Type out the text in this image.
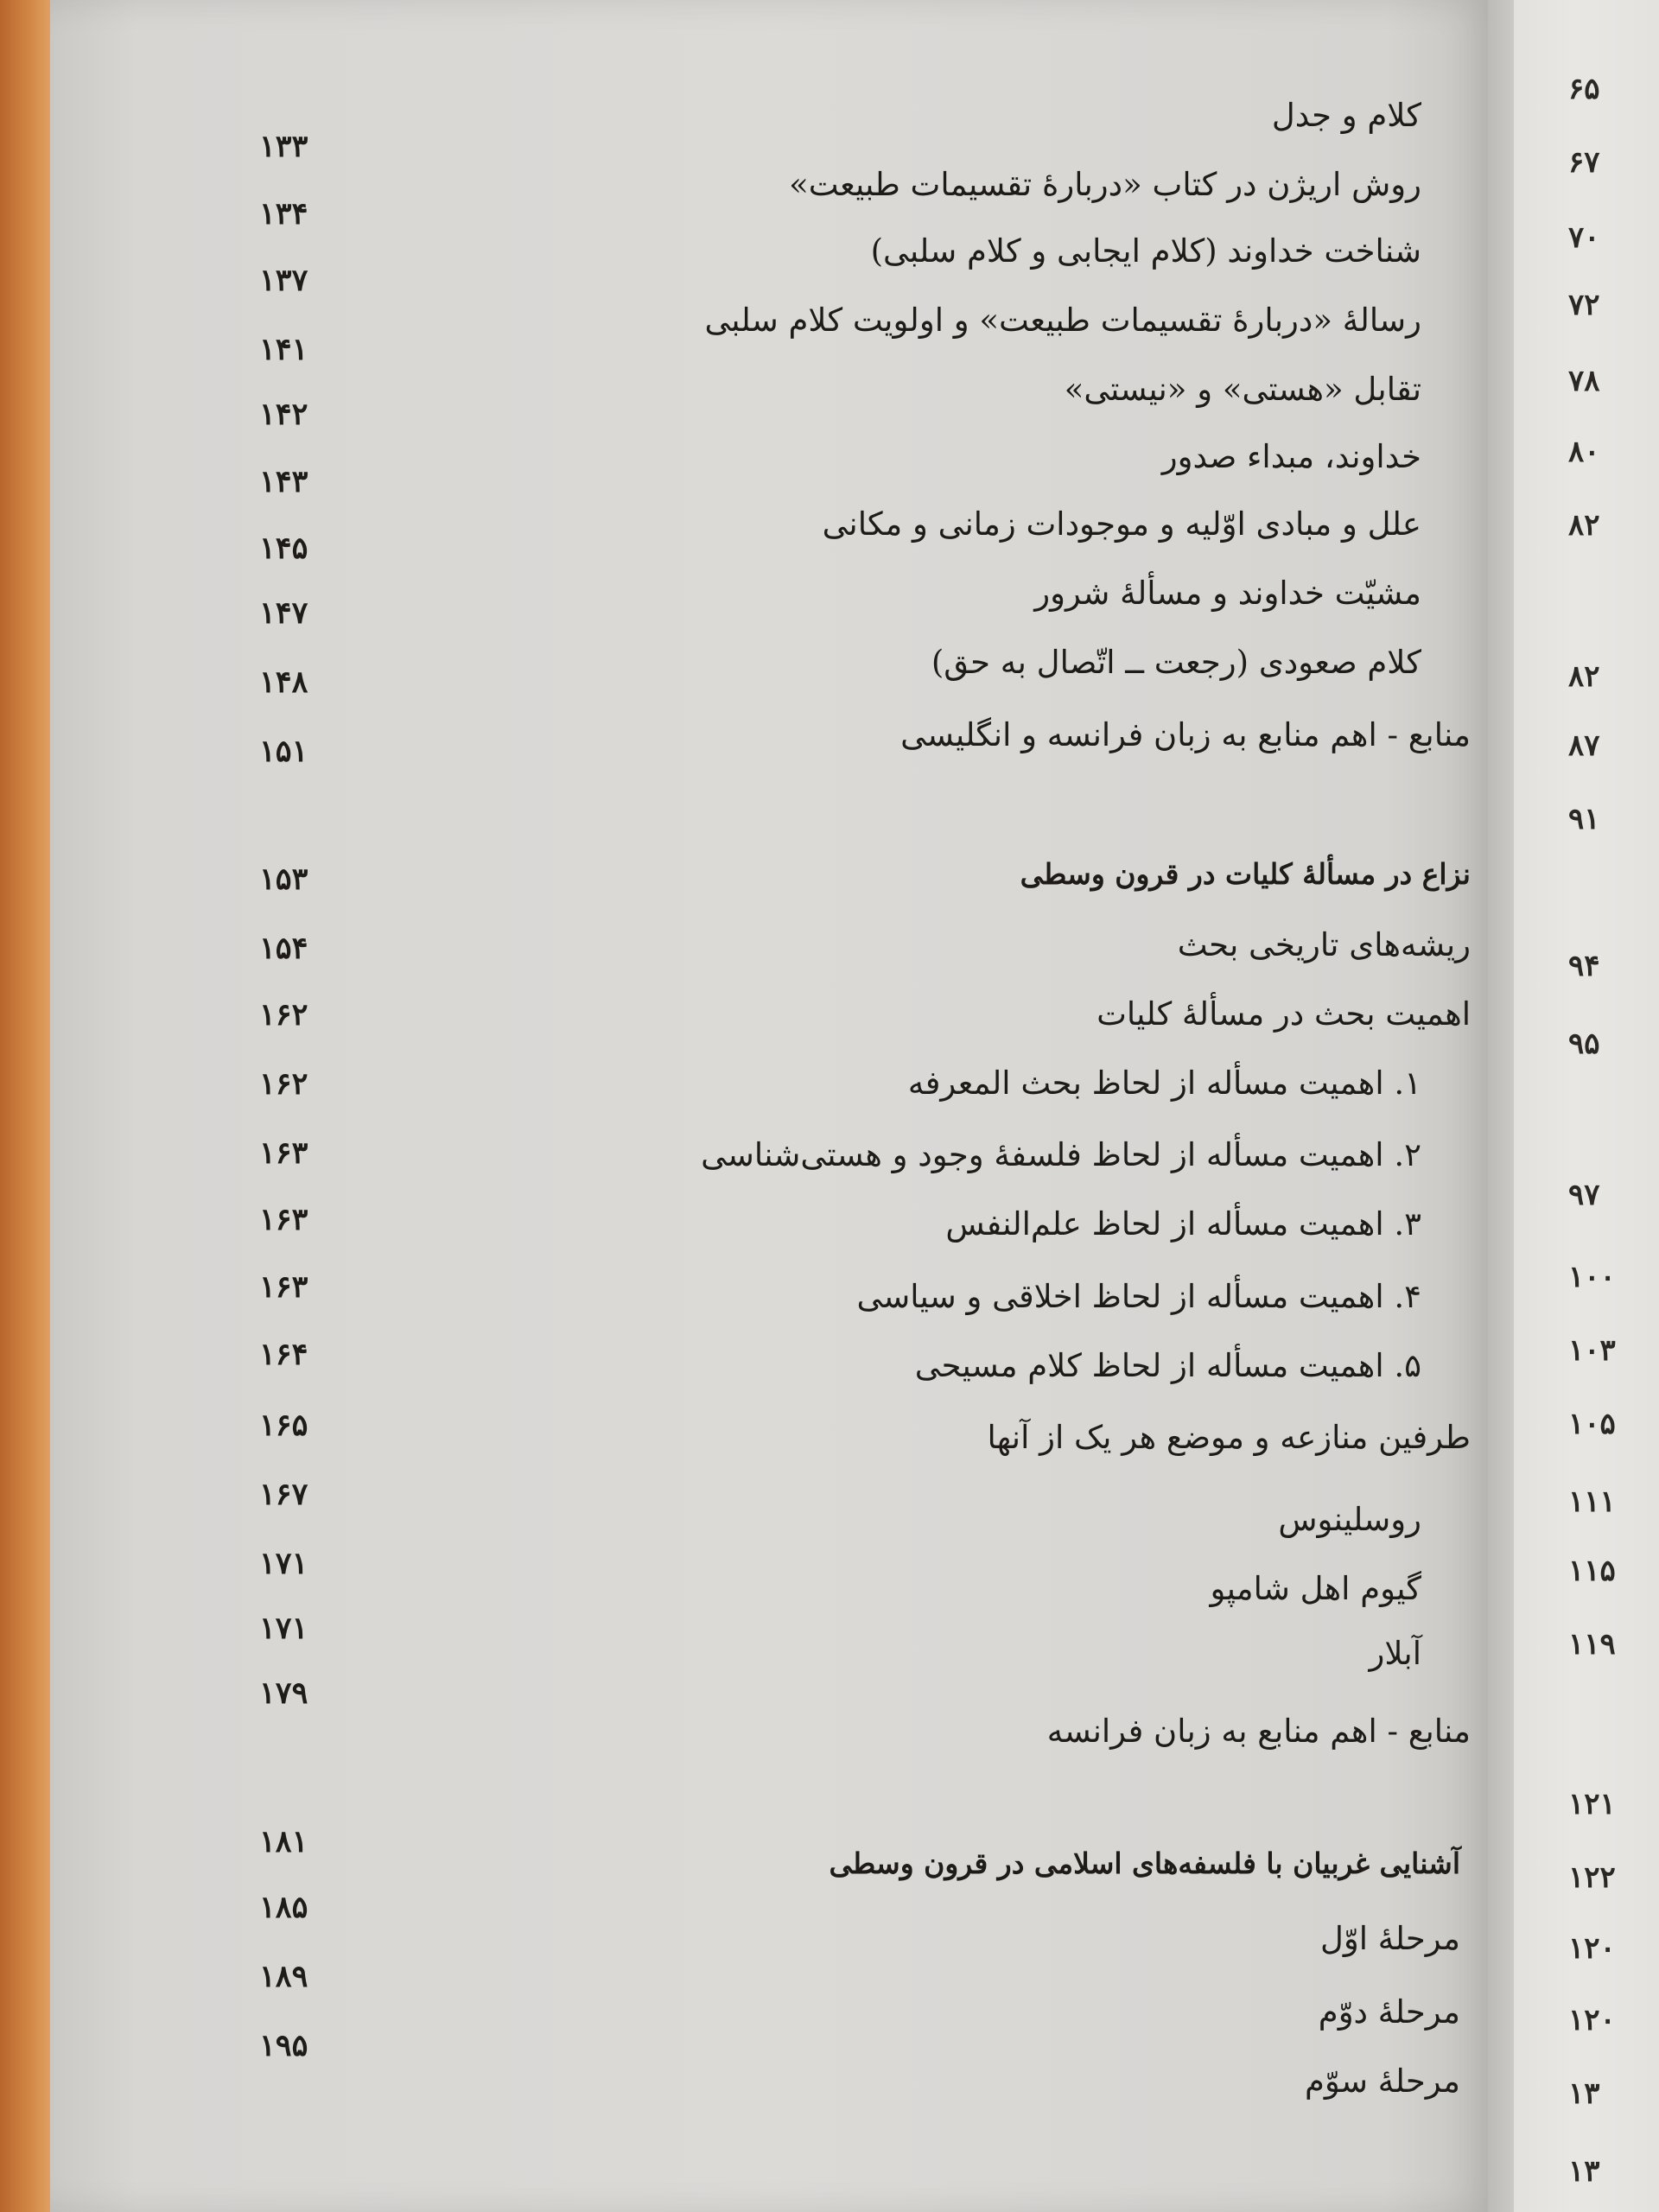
کلام و جدل
۱۳۳
روش اریژن در کتاب «دربارهٔ تقسیمات طبیعت»
۱۳۴
شناخت خداوند (کلام ایجابی و کلام سلبی)
۱۳۷
رسالهٔ «دربارهٔ تقسیمات طبیعت» و اولویت کلام سلبی
۱۴۱
تقابل «هستی» و «نیستی»
۱۴۲
خداوند، مبداء صدور
۱۴۳
علل و مبادی اوّلیه و موجودات زمانی و مکانی
۱۴۵
مشیّت خداوند و مسألهٔ شرور
۱۴۷
کلام صعودی (رجعت ــ اتّصال به حق)
۱۴۸
منابع - اهم منابع به زبان فرانسه و انگلیسی
۱۵۱
نزاع در مسألهٔ کلیات در قرون وسطی
۱۵۳
ریشه‌های تاریخی بحث
۱۵۴
اهمیت بحث در مسألهٔ کلیات
۱۶۲
۱. اهمیت مسأله از لحاظ بحث المعرفه
۱۶۲
۲. اهمیت مسأله از لحاظ فلسفهٔ وجود و هستی‌شناسی
۱۶۳
۳. اهمیت مسأله از لحاظ علم‌النفس
۱۶۳
۴. اهمیت مسأله از لحاظ اخلاقی و سیاسی
۱۶۳
۵. اهمیت مسأله از لحاظ کلام مسیحی
۱۶۴
طرفین منازعه و موضع هر یک از آنها
۱۶۵
روسلینوس
۱۶۷
گیوم اهل شامپو
۱۷۱
آبلار
۱۷۱
منابع - اهم منابع به زبان فرانسه
۱۷۹
آشنایی غربیان با فلسفه‌های اسلامی در قرون وسطی
۱۸۱
مرحلهٔ اوّل
۱۸۵
مرحلهٔ دوّم
۱۸۹
مرحلهٔ سوّم
۱۹۵
۶۵
۶۷
۷۰
۷۲
۷۸
۸۰
۸۲
۸۲
۸۷
۹۱
۹۴
۹۵
۹۷
۱۰۰
۱۰۳
۱۰۵
۱۱۱
۱۱۵
۱۱۹
۱۲۱
۱۲۲
۱۲۰
۱۲۰
۱۳
۱۳
